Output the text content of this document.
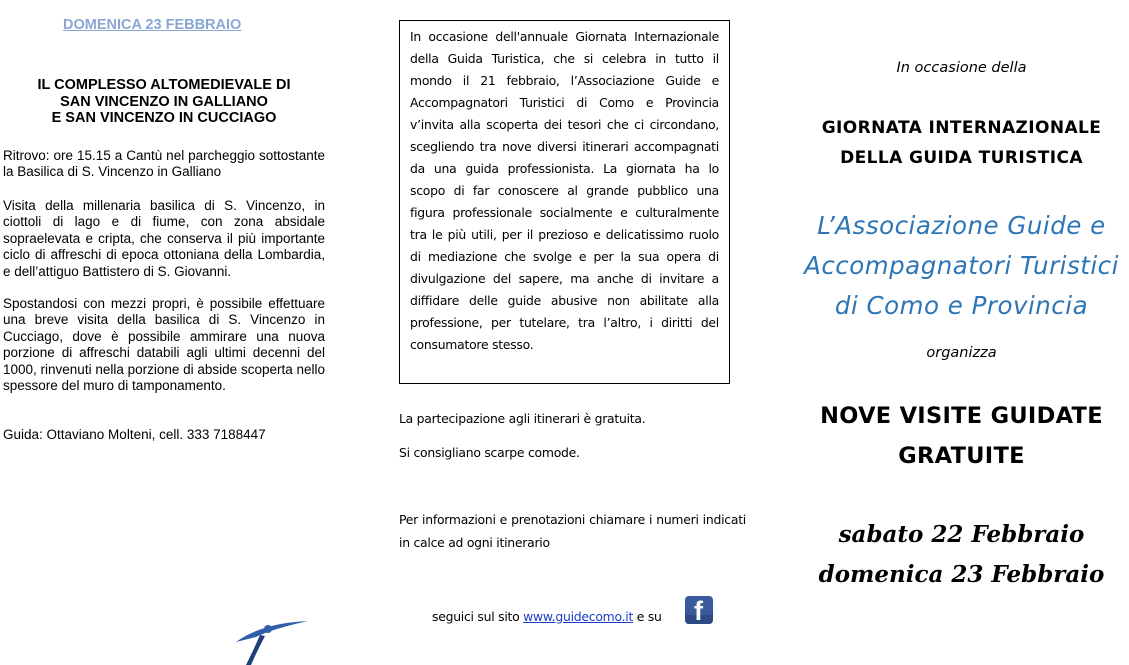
DOMENICA 23 FEBBRAIO
IL COMPLESSO ALTOMEDIEVALE DI
SAN VINCENZO IN GALLIANO
E SAN VINCENZO IN CUCCIAGO

Ritrovo: ore 15.15 a Cantù nel parcheggio sottostante la Basilica di S. Vincenzo in Galliano

Visita della millenaria basilica di S. Vincenzo, in ciottoli di lago e di fiume, con zona absidale sopraelevata e cripta, che conserva il più importante ciclo di affreschi di epoca ottoniana della Lombardia, e dell’attiguo Battistero di S. Giovanni.

Spostandosi con mezzi propri, è possibile effettuare una breve visita della basilica di S. Vincenzo in Cucciago, dove è possibile ammirare una nuova porzione di affreschi databili agli ultimi decenni del 1000, rinvenuti nella porzione di abside scoperta nello spessore del muro di tamponamento.

Guida: Ottaviano Molteni, cell. 333 7188447

In occasione dell'annuale Giornata Internazionale della Guida Turistica, che si celebra in tutto il mondo il 21 febbraio, l’Associazione Guide e Accompagnatori Turistici di Como e Provincia v’invita alla scoperta dei tesori che ci circondano, scegliendo tra nove diversi itinerari accompagnati da una guida professionista. La giornata ha lo scopo di far conoscere al grande pubblico una figura professionale socialmente e culturalmente tra le più utili, per il prezioso e delicatissimo ruolo di mediazione che svolge e per la sua opera di divulgazione del sapere, ma anche di invitare a diffidare delle guide abusive non abilitate alla professione, per tutelare, tra l’altro, i diritti del consumatore stesso.

La partecipazione agli itinerari è gratuita.

Si consigliano scarpe comode.

Per informazioni e prenotazioni chiamare i numeri indicati in calce ad ogni itinerario

seguici sul sito www.guidecomo.it e su f

In occasione della

GIORNATA INTERNAZIONALE
DELLA GUIDA TURISTICA
L’Associazione Guide e
Accompagnatori Turistici
di Como e Provincia

organizza

NOVE VISITE GUIDATE
GRATUITE
sabato 22 Febbraio
domenica 23 Febbraio
